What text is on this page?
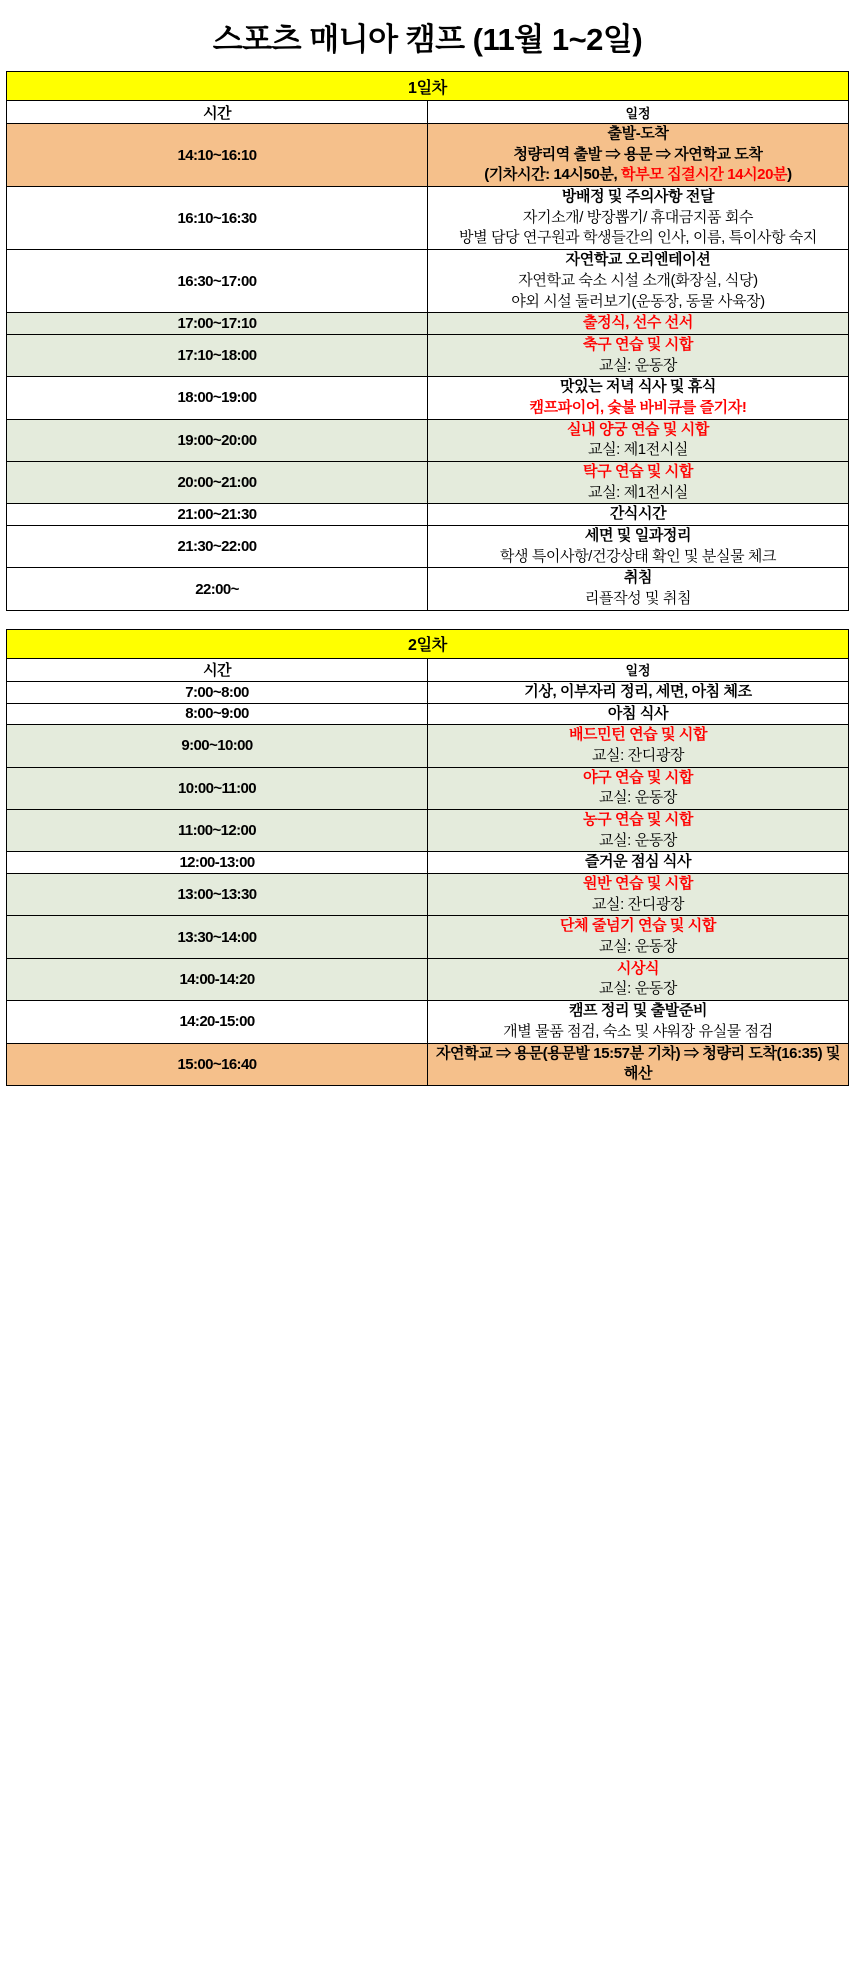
스포츠 매니아 캠프 (11월 1~2일)
1일차	
시간	일정
14:10~16:10	출발-도착
청량리역 출발 ⇒ 용문 ⇒ 자연학교 도착
(기차시간: 14시50분, 학부모 집결시간 14시20분)

16:10~16:30	방배정 및 주의사항 전달
자기소개/ 방장뽑기/ 휴대금지품 회수
방별 담당 연구원과 학생들간의 인사, 이름, 특이사항 숙지

16:30~17:00	자연학교 오리엔테이션
자연학교 숙소 시설 소개(화장실, 식당)
야외 시설 둘러보기(운동장, 동물 사육장)

17:00~17:10	출정식, 선수 선서

17:10~18:00	축구 연습 및 시합
교실: 운동장

18:00~19:00	맛있는 저녁 식사 및 휴식
캠프파이어, 숯불 바비큐를 즐기자!

19:00~20:00	실내 양궁 연습 및 시합
교실: 제1전시실

20:00~21:00	탁구 연습 및 시합
교실: 제1전시실

21:00~21:30	간식시간

21:30~22:00	세면 및 일과정리
학생 특이사항/건강상태 확인 및 분실물 체크

22:00~	취침
리플작성 및 취침
2일차	
시간	일정
7:00~8:00	기상, 이부자리 정리, 세면, 아침 체조

8:00~9:00	아침 식사

9:00~10:00	배드민턴 연습 및 시합
교실: 잔디광장

10:00~11:00	야구 연습 및 시합
교실: 운동장

11:00~12:00	농구 연습 및 시합
교실: 운동장

12:00-13:00	즐거운 점심 식사

13:00~13:30	원반 연습 및 시합
교실: 잔디광장

13:30~14:00	단체 줄넘기 연습 및 시합
교실: 운동장

14:00-14:20	시상식
교실: 운동장

14:20-15:00	캠프 정리 및 출발준비
개별 물품 점검, 숙소 및 샤워장 유실물 점검

15:00~16:40	자연학교 ⇒ 용문(용문발 15:57분 기차) ⇒ 청량리 도착(16:35) 및 해산
